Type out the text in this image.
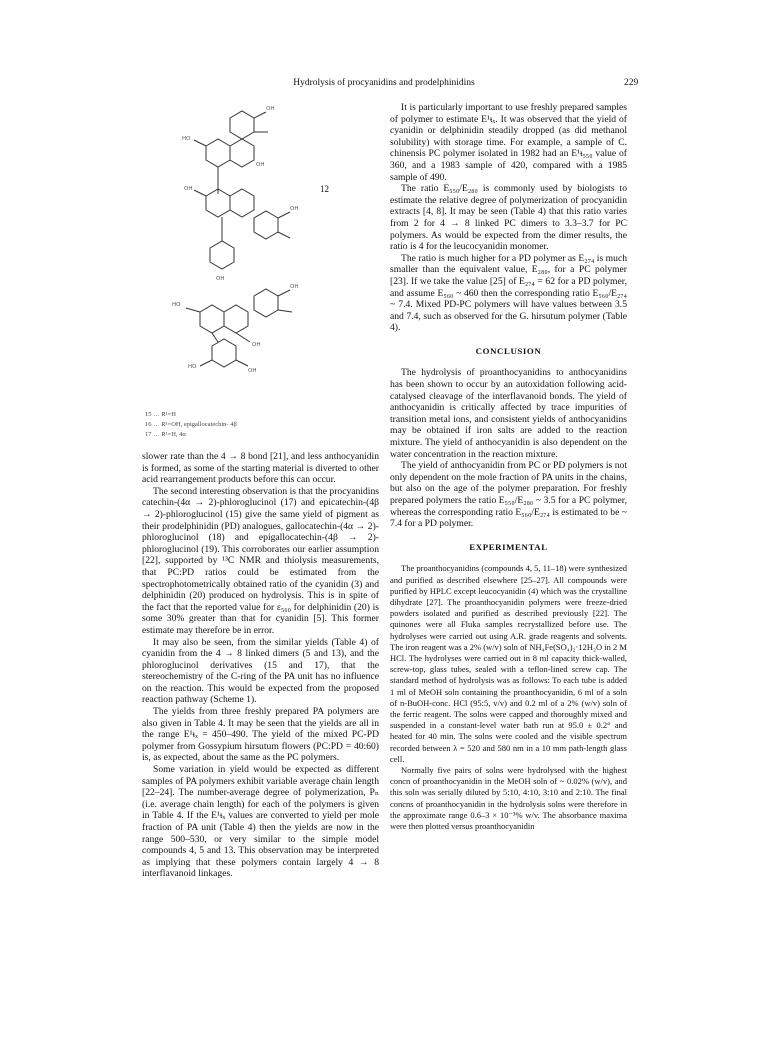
Hydrolysis of procyanidins and prodelphinidins	229
OH
HO
OH
OH
OH
OH
OH
HO
OH
HO
OH
12
15 … R¹=H
16 … R¹=OH, epigallocatechin- 4β
17 … R¹=H, 4α

slower rate than the 4 → 8 bond [21], and less anthocyanidin is formed, as some of the starting material is diverted to other acid rearrangement products before this can occur.

The second interesting observation is that the procyanidins catechin-(4α → 2)-phloroglucinol (17) and epicatechin-(4β → 2)-phloroglucinol (15) give the same yield of pigment as their prodelphinidin (PD) analogues, gallocatechin-(4α → 2)-phloroglucinol (18) and epigallocatechin-(4β → 2)-phloroglucinol (19). This corroborates our earlier assumption [22], supported by ¹³C NMR and thiolysis measurements, that PC:PD ratios could be estimated from the spectrophotometrically obtained ratio of the cyanidin (3) and delphinidin (20) produced on hydrolysis. This is in spite of the fact that the reported value for ε₅₆₀ for delphinidin (20) is some 30% greater than that for cyanidin [5]. This former estimate may therefore be in error.

It may also be seen, from the similar yields (Table 4) of cyanidin from the 4 → 8 linked dimers (5 and 13), and the phloroglucinol derivatives (15 and 17), that the stereochemistry of the C-ring of the PA unit has no influence on the reaction. This would be expected from the proposed reaction pathway (Scheme 1).

The yields from three freshly prepared PA polymers are also given in Table 4. It may be seen that the yields are all in the range E¹ᵼₓ = 450–490. The yield of the mixed PC-PD polymer from Gossypium hirsutum flowers (PC:PD = 40:60) is, as expected, about the same as the PC polymers.

Some variation in yield would be expected as different samples of PA polymers exhibit variable average chain length [22–24]. The number-average degree of polymerization, Pₙ (i.e. average chain length) for each of the polymers is given in Table 4. If the E¹ᵼₓ values are converted to yield per mole fraction of PA unit (Table 4) then the yields are now in the range 500–530, or very similar to the simple model compounds 4, 5 and 13. This observation may be interpreted as implying that these polymers contain largely 4 → 8 interflavanoid linkages.

It is particularly important to use freshly prepared samples of polymer to estimate E¹ᵼₓ. It was observed that the yield of cyanidin or delphinidin steadily dropped (as did methanol solubility) with storage time. For example, a sample of C. chinensis PC polymer isolated in 1982 had an E¹ᵼ₅₅₀ value of 360, and a 1983 sample of 420, compared with a 1985 sample of 490.

The ratio E₅₅₀/E₂₈₀ is commonly used by biologists to estimate the relative degree of polymerization of procyanidin extracts [4, 8]. It may be seen (Table 4) that this ratio varies from 2 for 4 → 8 linked PC dimers to 3.3–3.7 for PC polymers. As would be expected from the dimer results, the ratio is 4 for the leucocyanidin monomer.

The ratio is much higher for a PD polymer as E₂₇₄ is much smaller than the equivalent value, E₂₈₀, for a PC polymer [23]. If we take the value [25] of E₂₇₄ = 62 for a PD polymer, and assume E₅₆₀ ~ 460 then the corresponding ratio E₅₆₀/E₂₇₄ ~ 7.4. Mixed PD-PC polymers will have values between 3.5 and 7.4, such as observed for the G. hirsutum polymer (Table 4).

CONCLUSION

The hydrolysis of proanthocyanidins to anthocyanidins has been shown to occur by an autoxidation following acid-catalysed cleavage of the interflavanoid bonds. The yield of anthocyanidin is critically affected by trace impurities of transition metal ions, and consistent yields of anthocyanidins may be obtained if iron salts are added to the reaction mixture. The yield of anthocyanidin is also dependent on the water concentration in the reaction mixture.

The yield of anthocyanidin from PC or PD polymers is not only dependent on the mole fraction of PA units in the chains, but also on the age of the polymer preparation. For freshly prepared polymers the ratio E₅₅₀/E₂₈₀ ~ 3.5 for a PC polymer, whereas the corresponding ratio E₅₆₀/E₂₇₄ is estimated to be ~ 7.4 for a PD polymer.

EXPERIMENTAL

The proanthocyanidins (compounds 4, 5, 11–18) were synthesized and purified as described elsewhere [25–27]. All compounds were purified by HPLC except leucocyanidin (4) which was the crystalline dihydrate [27]. The proanthocyanidin polymers were freeze-dried powders isolated and purified as described previously [22]. The quinones were all Fluka samples recrystallized before use. The hydrolyses were carried out using A.R. grade reagents and solvents. The iron reagent was a 2% (w/v) soln of NH₄Fe(SO₄)₂·12H₂O in 2 M HCl. The hydrolyses were carried out in 8 ml capacity thick-walled, screw-top, glass tubes, sealed with a teflon-lined screw cap. The standard method of hydrolysis was as follows: To each tube is added 1 ml of MeOH soln containing the proanthocyanidin, 6 ml of a soln of n-BuOH-conc. HCl (95:5, v/v) and 0.2 ml of a 2% (w/v) soln of the ferric reagent. The solns were capped and thoroughly mixed and suspended in a constant-level water bath run at 95.0 ± 0.2° and heated for 40 min. The solns were cooled and the visible spectrum recorded between λ = 520 and 580 nm in a 10 mm path-length glass cell.

Normally five pairs of solns were hydrolysed with the highest concn of proanthocyanidin in the MeOH soln of ~ 0.02% (w/v), and this soln was serially diluted by 5:10, 4:10, 3:10 and 2:10. The final concns of proanthocyanidin in the hydrolysis solns were therefore in the approximate range 0.6–3 × 10⁻³% w/v. The absorbance maxima were then plotted versus proanthocyanidin
